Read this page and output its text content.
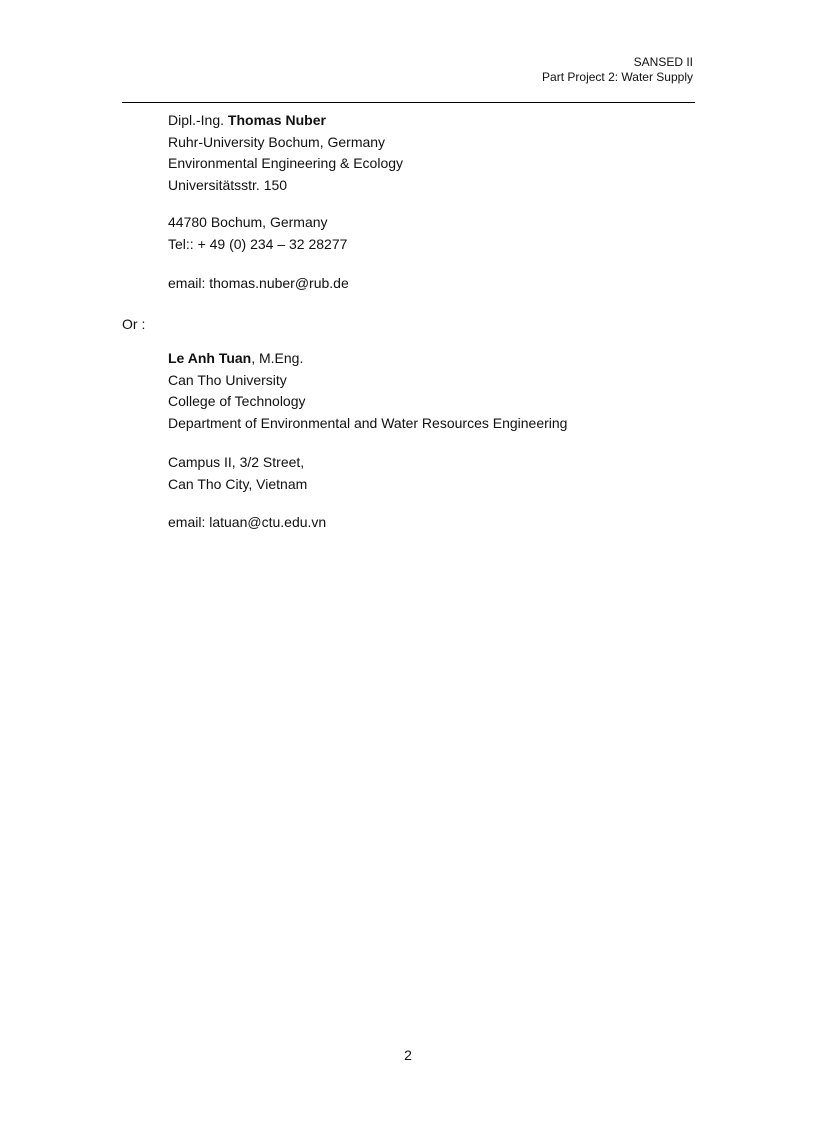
SANSED II
Part Project 2: Water Supply
Dipl.-Ing. Thomas Nuber
Ruhr-University Bochum, Germany
Environmental Engineering & Ecology
Universitätsstr. 150
44780 Bochum, Germany
Tel:: + 49 (0) 234 – 32 28277
email: thomas.nuber@rub.de
Or :
Le Anh Tuan, M.Eng.
Can Tho University
College of Technology
Department of Environmental and Water Resources Engineering
Campus II, 3/2 Street,
Can Tho City, Vietnam
email: latuan@ctu.edu.vn
2
